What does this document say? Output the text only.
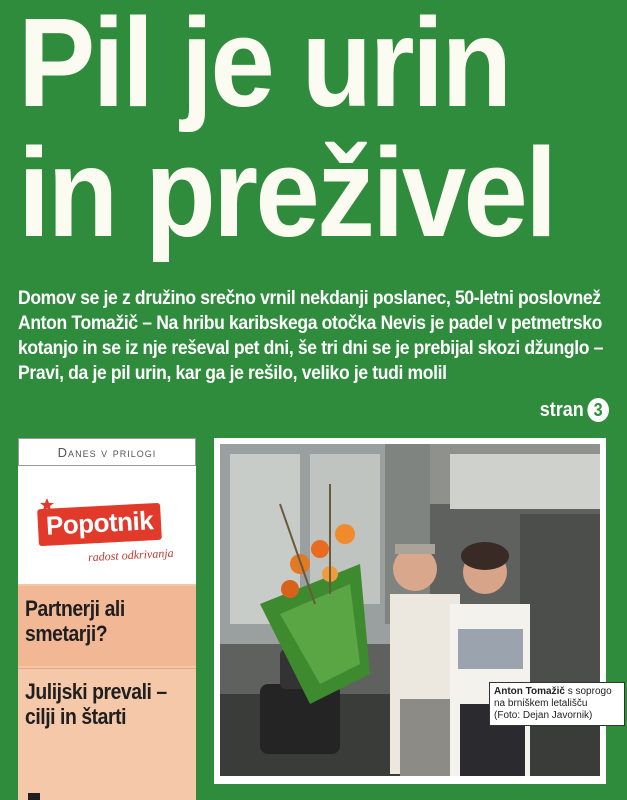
Pil je urin
in preživel
Domov se je z družino srečno vrnil nekdanji poslanec, 50-letni poslovnež Anton Tomažič – Na hribu karibskega otočka Nevis je padel v petmetrsko kotanjo in se iz nje reševal pet dni, še tri dni se je prebijal skozi džunglo – Pravi, da je pil urin, kar ga je rešilo, veliko je tudi molil
stran 3
Danes v prilogi
Popotnik
radost odkrivanja
Partnerji ali smetarji?
Julijski prevali – cilji in štarti
Anton Tomažič s soprogo na brniškem letališču
(Foto: Dejan Javornik)
